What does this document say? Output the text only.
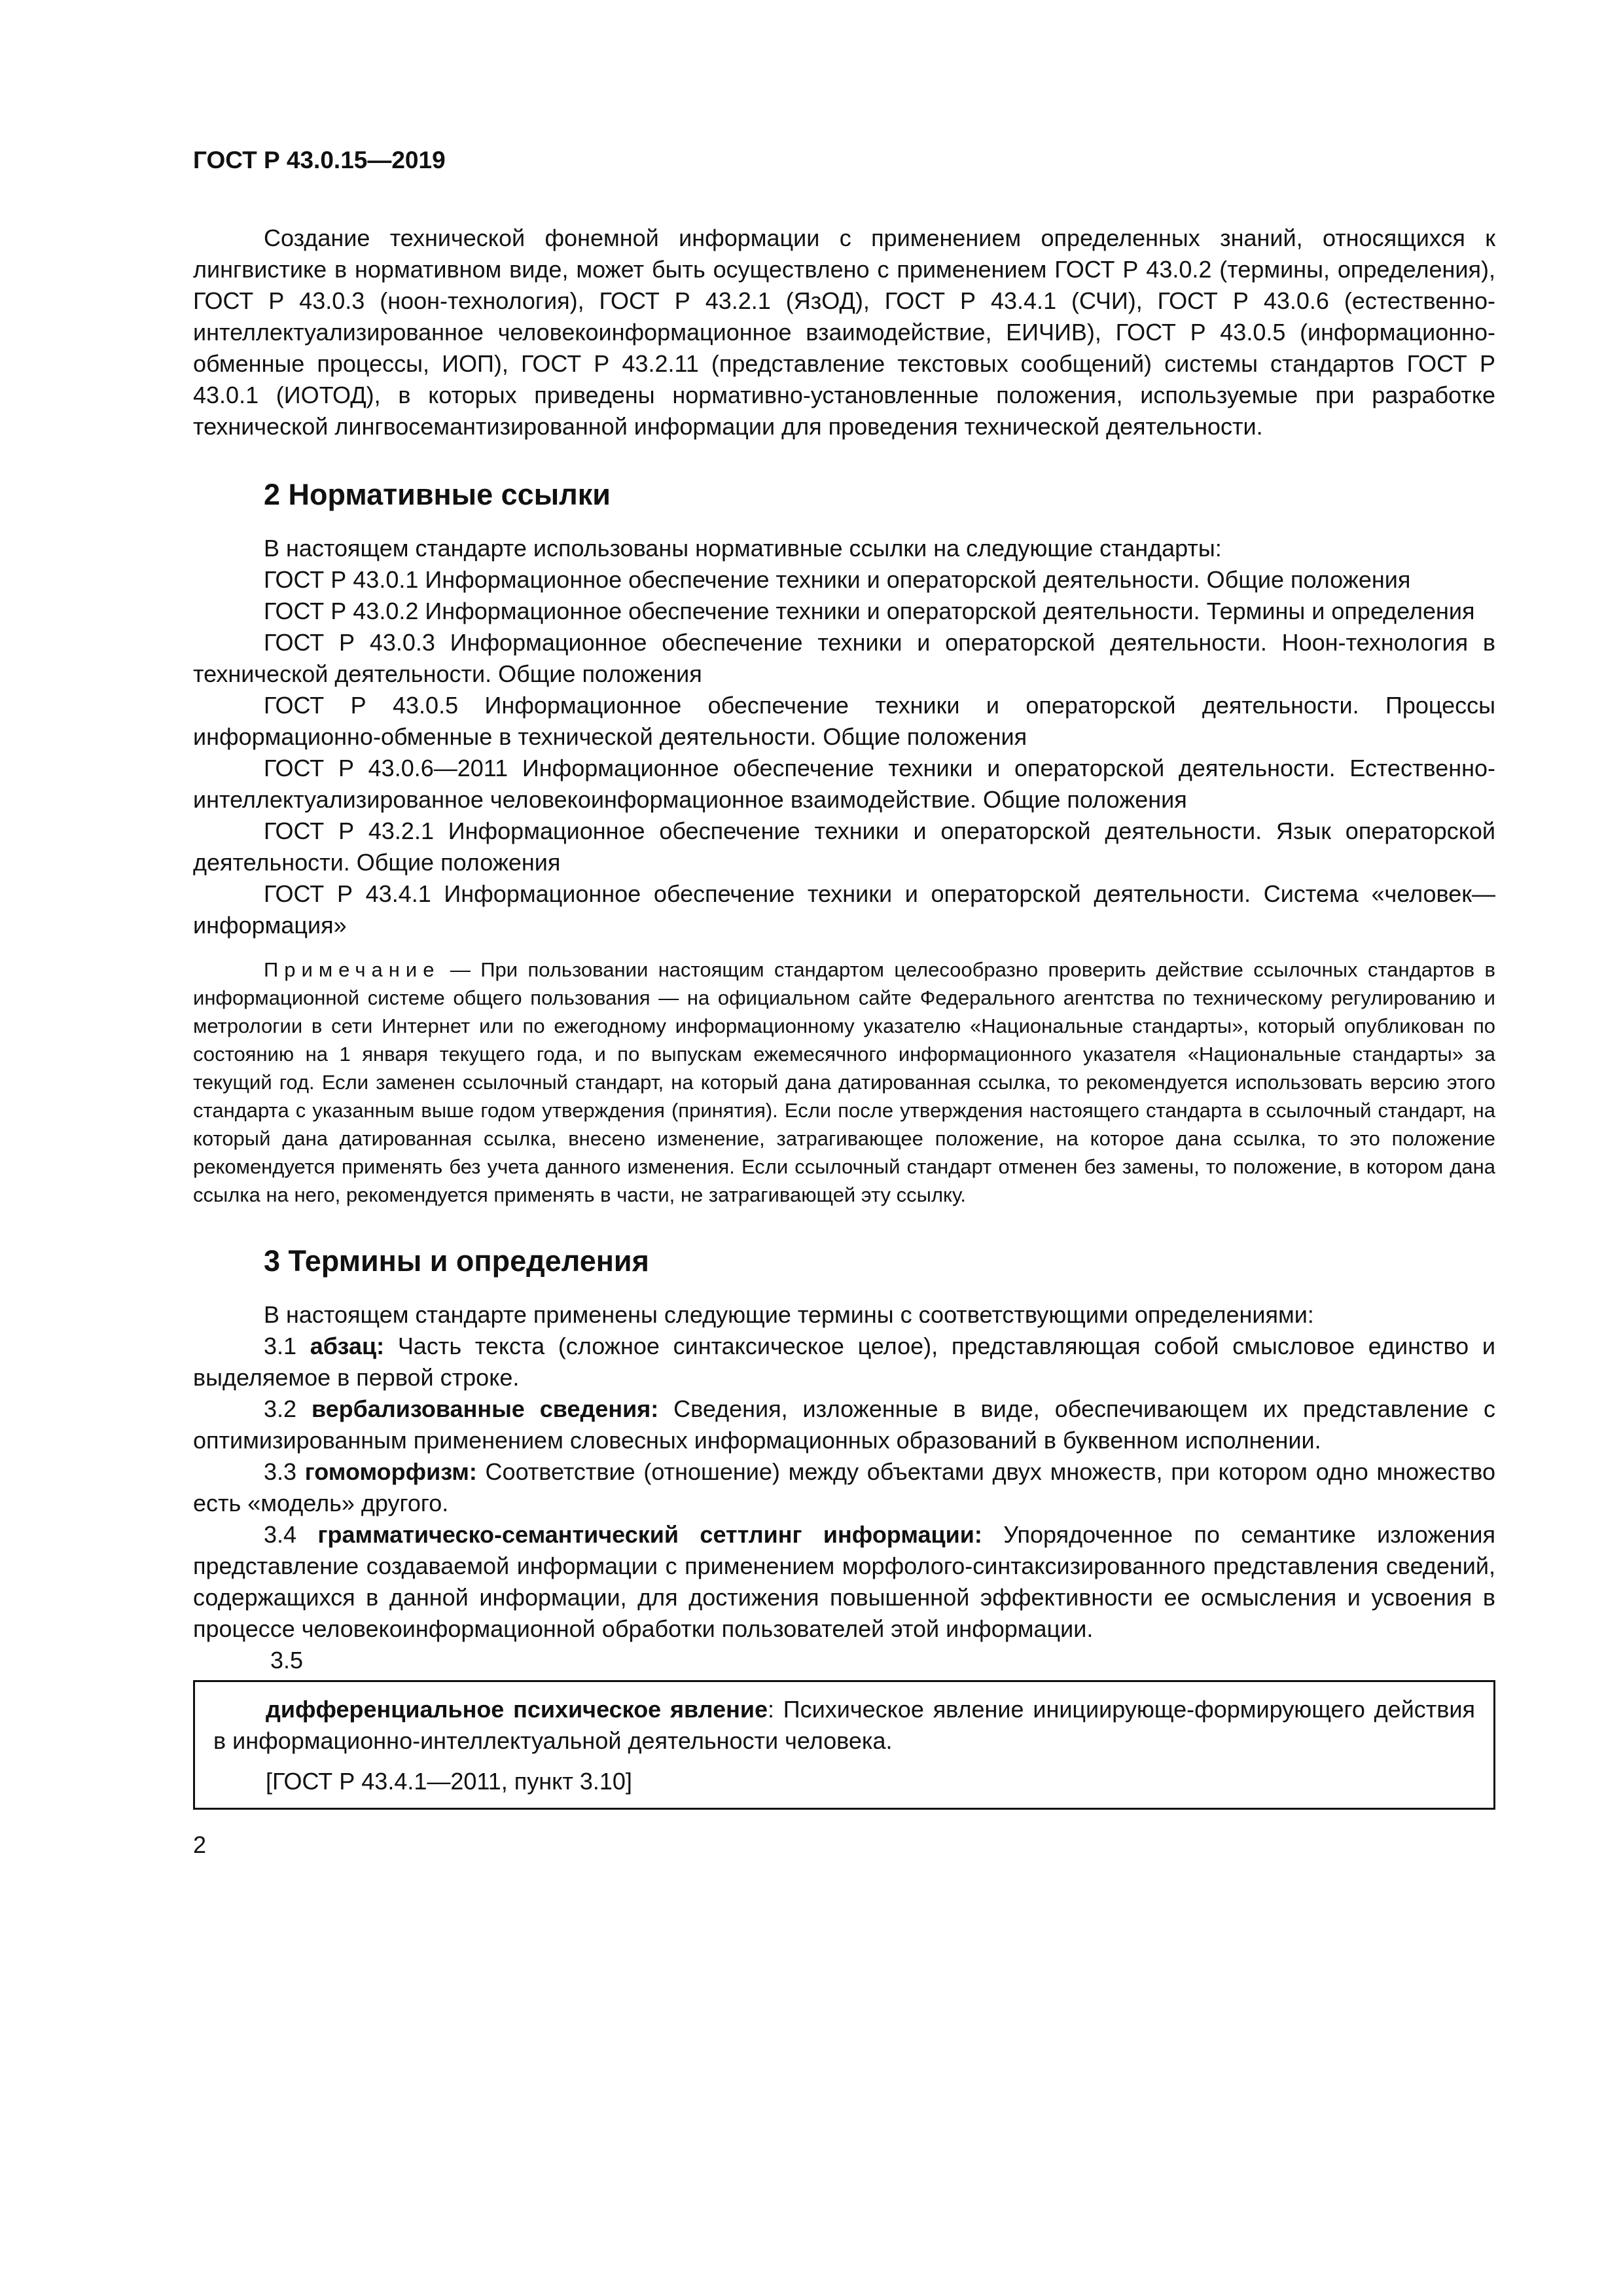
ГОСТ Р 43.0.15—2019

Создание технической фонемной информации с применением определенных знаний, относящихся к лингвистике в нормативном виде, может быть осуществлено с применением ГОСТ Р 43.0.2 (термины, определения), ГОСТ Р 43.0.3 (ноон-технология), ГОСТ Р 43.2.1 (ЯзОД), ГОСТ Р 43.4.1 (СЧИ), ГОСТ Р 43.0.6 (естественно-интеллектуализированное человекоинформационное взаимодействие, ЕИЧИВ), ГОСТ Р 43.0.5 (информационно-обменные процессы, ИОП), ГОСТ Р 43.2.11 (представление текстовых сообщений) системы стандартов ГОСТ Р 43.0.1 (ИОТОД), в которых приведены нормативно-установленные положения, используемые при разработке технической лингвосемантизированной информации для проведения технической деятельности.

2 Нормативные ссылки

В настоящем стандарте использованы нормативные ссылки на следующие стандарты:

ГОСТ Р 43.0.1 Информационное обеспечение техники и операторской деятельности. Общие положения

ГОСТ Р 43.0.2 Информационное обеспечение техники и операторской деятельности. Термины и определения

ГОСТ Р 43.0.3 Информационное обеспечение техники и операторской деятельности. Ноон-технология в технической деятельности. Общие положения

ГОСТ Р 43.0.5 Информационное обеспечение техники и операторской деятельности. Процессы информационно-обменные в технической деятельности. Общие положения

ГОСТ Р 43.0.6—2011 Информационное обеспечение техники и операторской деятельности. Естественно-интеллектуализированное человекоинформационное взаимодействие. Общие положения

ГОСТ Р 43.2.1 Информационное обеспечение техники и операторской деятельности. Язык операторской деятельности. Общие положения

ГОСТ Р 43.4.1 Информационное обеспечение техники и операторской деятельности. Система «человек—информация»

Примечание — При пользовании настоящим стандартом целесообразно проверить действие ссылочных стандартов в информационной системе общего пользования — на официальном сайте Федерального агентства по техническому регулированию и метрологии в сети Интернет или по ежегодному информационному указателю «Национальные стандарты», который опубликован по состоянию на 1 января текущего года, и по выпускам ежемесячного информационного указателя «Национальные стандарты» за текущий год. Если заменен ссылочный стандарт, на который дана датированная ссылка, то рекомендуется использовать версию этого стандарта с указанным выше годом утверждения (принятия). Если после утверждения настоящего стандарта в ссылочный стандарт, на который дана датированная ссылка, внесено изменение, затрагивающее положение, на которое дана ссылка, то это положение рекомендуется применять без учета данного изменения. Если ссылочный стандарт отменен без замены, то положение, в котором дана ссылка на него, рекомендуется применять в части, не затрагивающей эту ссылку.

3 Термины и определения

В настоящем стандарте применены следующие термины с соответствующими определениями:

3.1 абзац: Часть текста (сложное синтаксическое целое), представляющая собой смысловое единство и выделяемое в первой строке.

3.2 вербализованные сведения: Сведения, изложенные в виде, обеспечивающем их представление с оптимизированным применением словесных информационных образований в буквенном исполнении.

3.3 гомоморфизм: Соответствие (отношение) между объектами двух множеств, при котором одно множество есть «модель» другого.

3.4 грамматическо-семантический сеттлинг информации: Упорядоченное по семантике изложения представление создаваемой информации с применением морфолого-синтаксизированного представления сведений, содержащихся в данной информации, для достижения повышенной эффективности ее осмысления и усвоения в процессе человекоинформационной обработки пользователей этой информации.

3.5

дифференциальное психическое явление: Психическое явление инициирующе-формирующего действия в информационно-интеллектуальной деятельности человека.

[ГОСТ Р 43.4.1—2011, пункт 3.10]
2
